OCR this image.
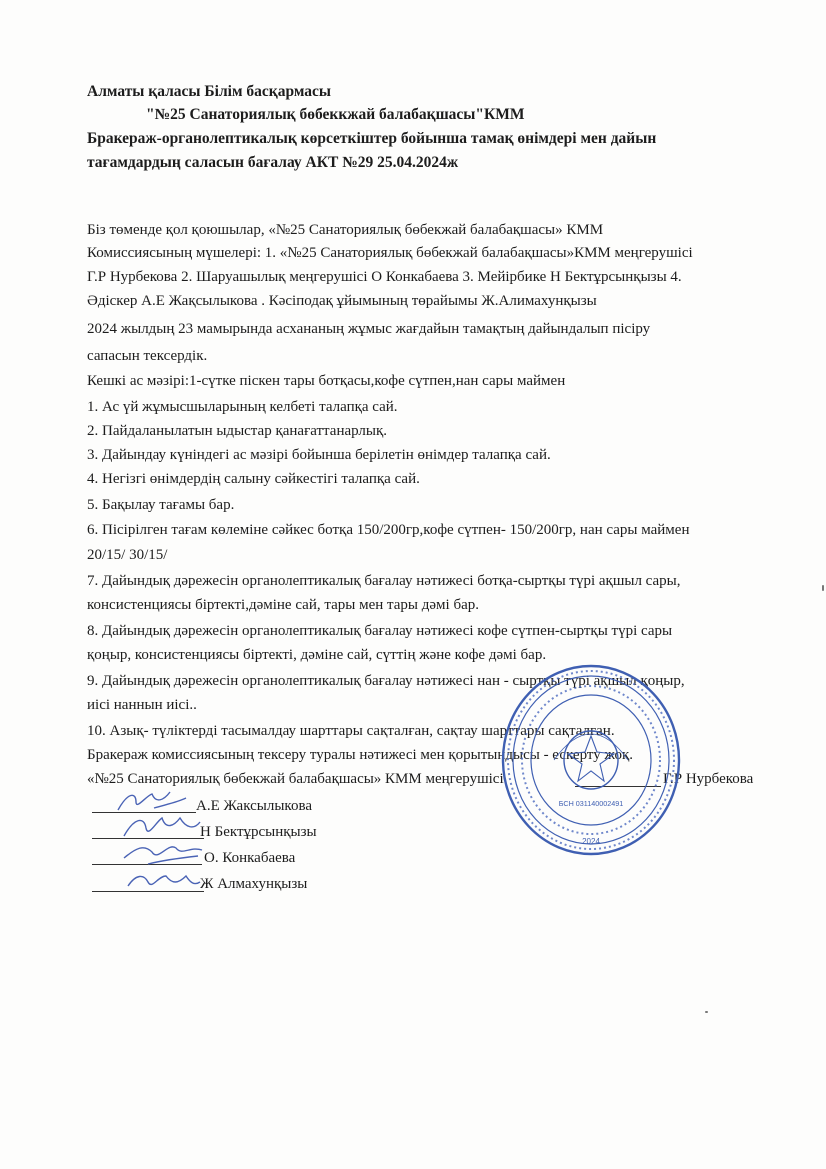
Алматы қаласы Білім басқармасы
"№25 Санаториялық бөбеккжай балабақшасы"КММ
Бракераж-органолептикалық көрсеткіштер бойынша тамақ өнімдері мен дайын
тағамдардың саласын бағалау АКТ №29 25.04.2024ж
Біз төменде қол қоюшылар, «№25 Санаториялық бөбекжай балабақшасы» КММ
Комиссиясының мүшелері: 1. «№25 Санаториялық бөбекжай балабақшасы»КММ меңгерушісі
Г.Р Нурбекова 2. Шаруашылық меңгерушісі О Конкабаева 3. Мейірбике Н Бектұрсынқызы 4.
Әдіскер А.Е Жақсылыкова . Кәсіподақ ұйымының төрайымы Ж.Алимахунқызы
2024 жылдың 23 мамырында асхананың жұмыс жағдайын тамақтың дайындалып пісіру
сапасын тексердік.
Кешкі ас мәзірі:1-сүтке піскен тары ботқасы,кофе сүтпен,нан сары маймен
1. Ас үй жұмысшыларының келбеті талапқа сай.
2. Пайдаланылатын ыдыстар қанағаттанарлық.
3. Дайындау күніндегі ас мәзірі бойынша берілетін өнімдер талапқа сай.
4. Негізгі өнімдердің салыну сәйкестігі талапқа сай.
5. Бақылау тағамы бар.
6. Пісірілген тағам көлеміне сәйкес ботқа 150/200гр,кофе сүтпен- 150/200гр, нан сары маймен
20/15/ 30/15/
7. Дайындық дәрежесін органолептикалық бағалау нәтижесі ботқа-сыртқы түрі ақшыл сары,
консистенциясы біртекті,дәміне сай, тары мен тары дәмі бар.
8. Дайындық дәрежесін органолептикалық бағалау нәтижесі кофе сүтпен-сыртқы түрі сары
қоңыр, консистенциясы біртекті, дәміне сай, сүттің және кофе дәмі бар.
9. Дайындық дәрежесін органолептикалық бағалау нәтижесі нан - сыртқы түрі ақшыл қоңыр,
иісі наннын иісі..
10. Азық- түліктерді тасымалдау шарттары сақталған, сақтау шарттары сақталған.
Бракераж комиссиясының тексеру туралы нәтижесі мен қорытындысы - ескерту жоқ.
«№25 Санаториялық бөбекжай балабақшасы» КММ меңгерушісі	Г.Р Нурбекова
БСН 031140002491
2024
А.Е Жаксылыкова
Н Бектұрсынқызы
О. Конкабаева
Ж Алмахунқызы
